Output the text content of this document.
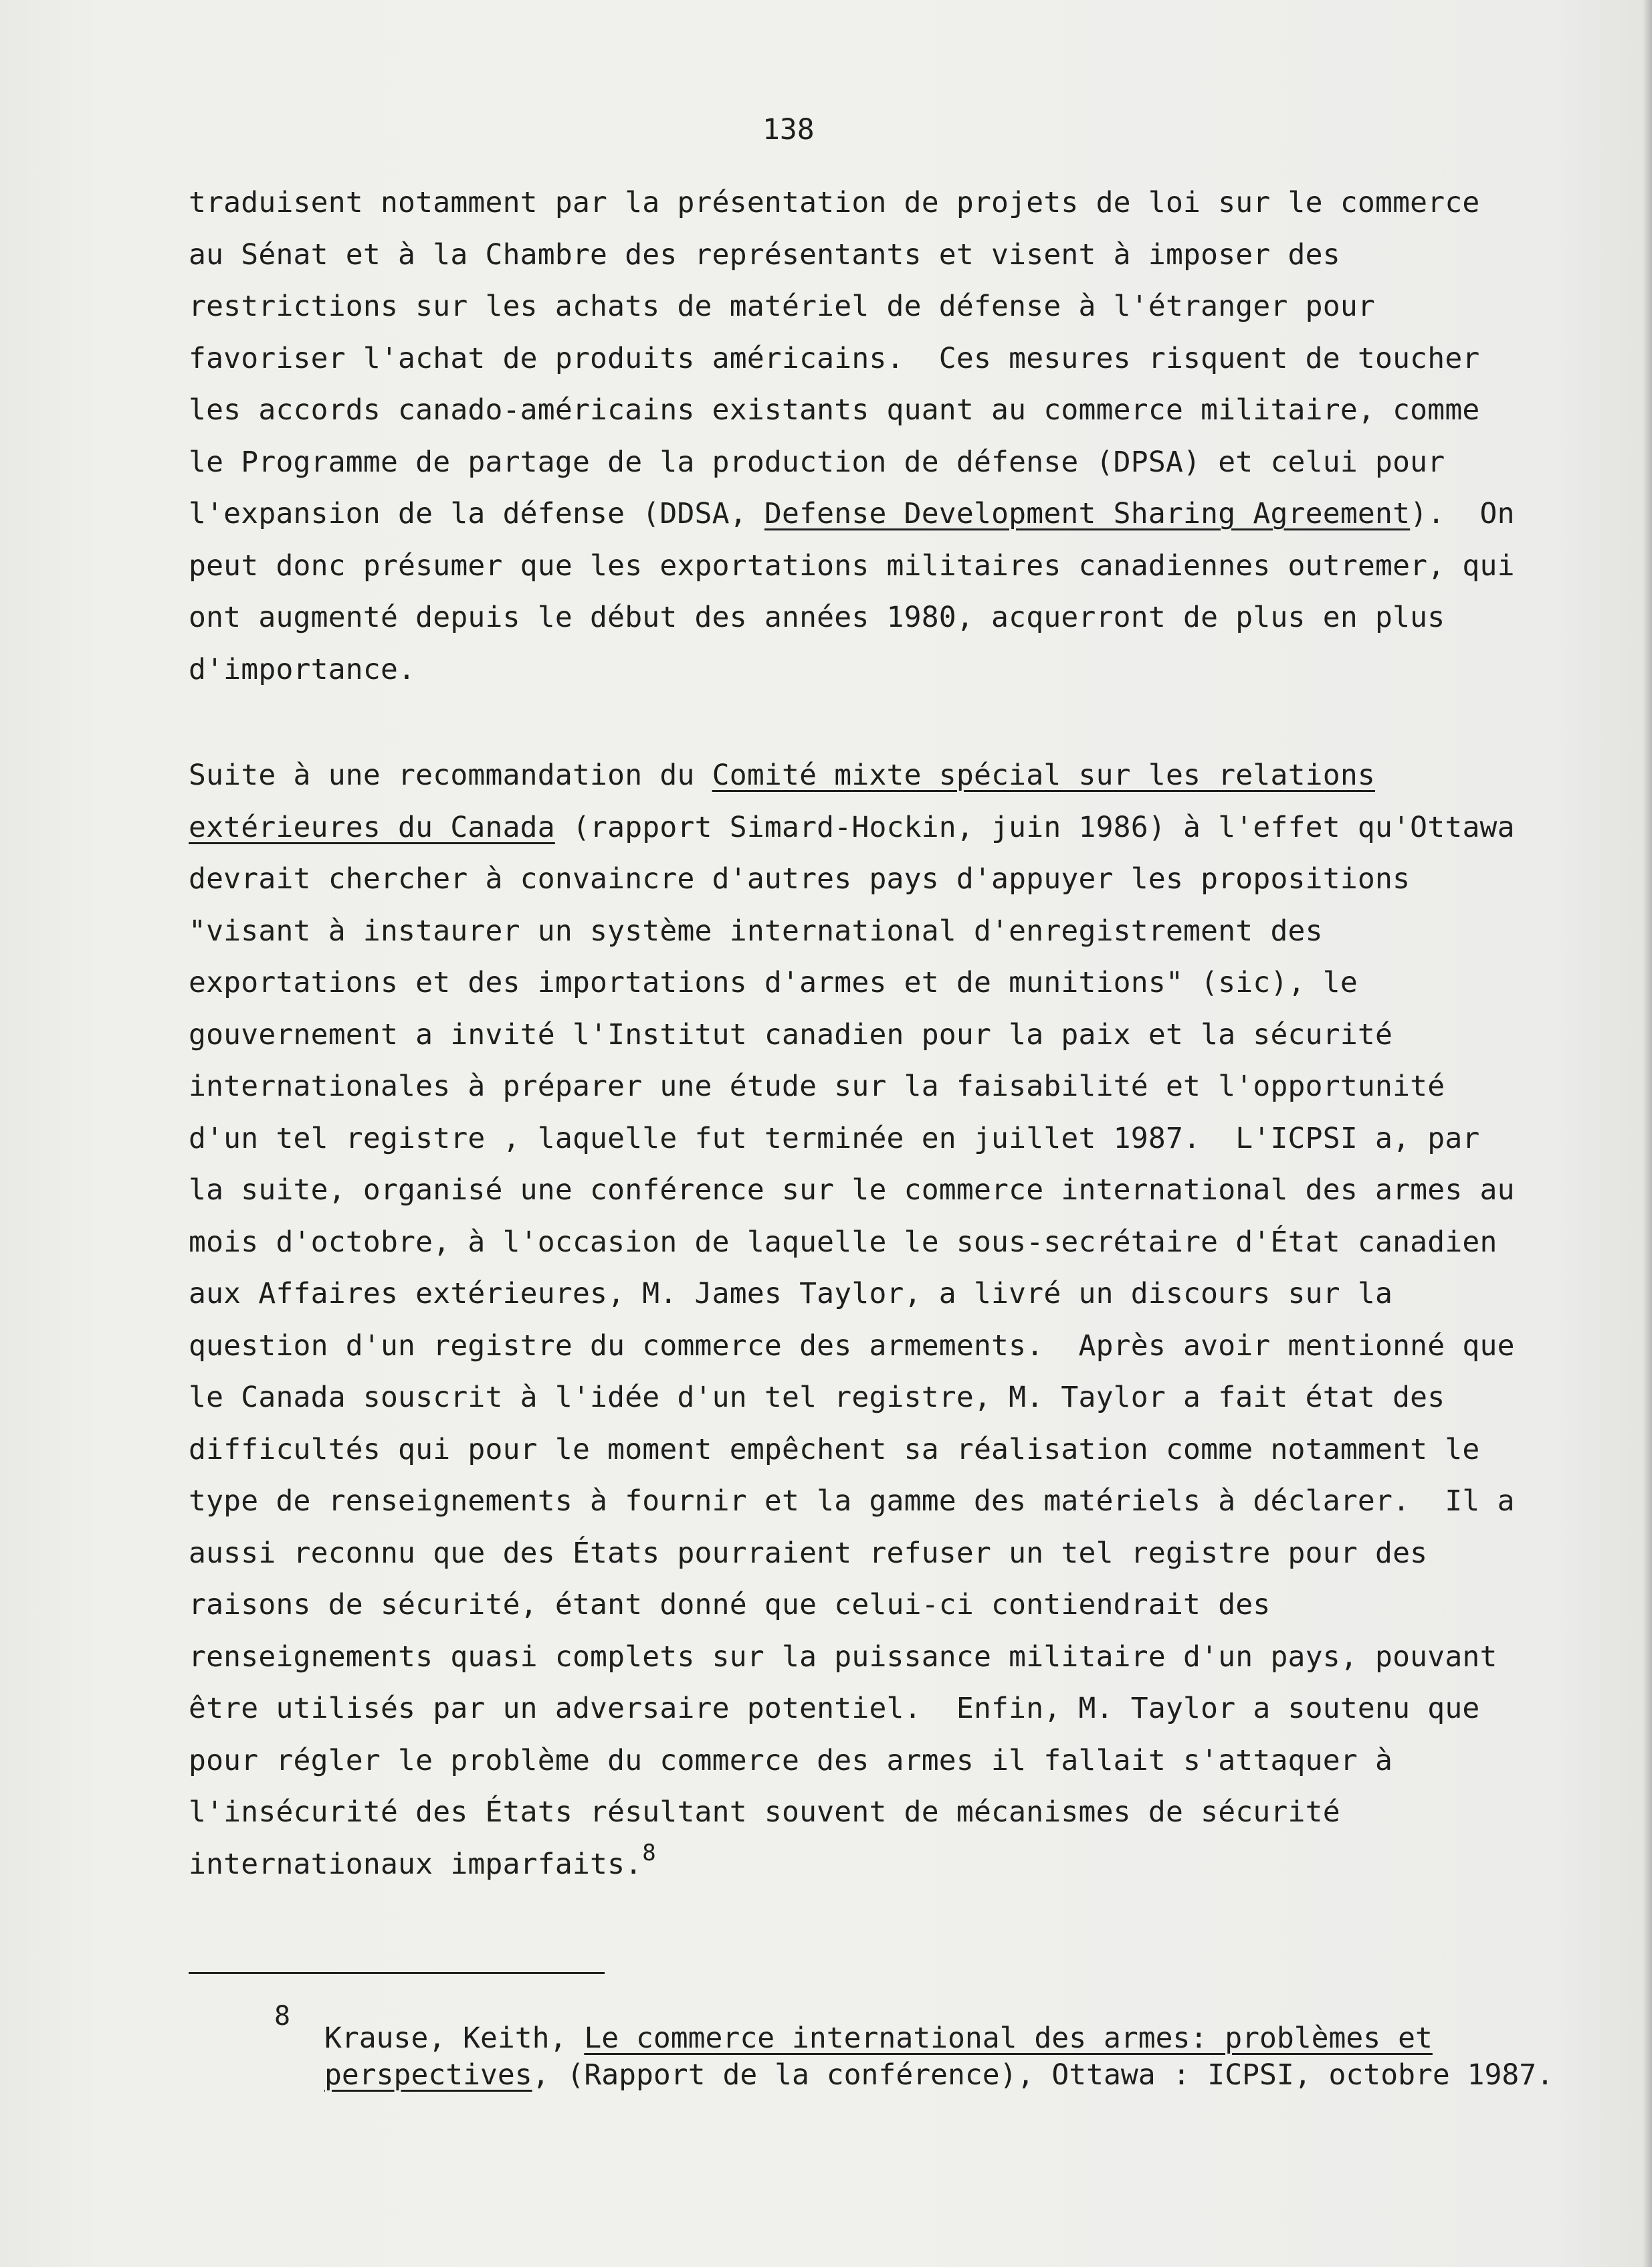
138
traduisent notamment par la présentation de projets de loi sur le commerce
au Sénat et à la Chambre des représentants et visent à imposer des
restrictions sur les achats de matériel de défense à l'étranger pour
favoriser l'achat de produits américains.  Ces mesures risquent de toucher
les accords canado-américains existants quant au commerce militaire, comme
le Programme de partage de la production de défense (DPSA) et celui pour
l'expansion de la défense (DDSA, Defense Development Sharing Agreement).  On
peut donc présumer que les exportations militaires canadiennes outremer, qui
ont augmenté depuis le début des années 1980, acquerront de plus en plus
d'importance.
Suite à une recommandation du Comité mixte spécial sur les relations
extérieures du Canada (rapport Simard-Hockin, juin 1986) à l'effet qu'Ottawa
devrait chercher à convaincre d'autres pays d'appuyer les propositions
"visant à instaurer un système international d'enregistrement des
exportations et des importations d'armes et de munitions" (sic), le
gouvernement a invité l'Institut canadien pour la paix et la sécurité
internationales à préparer une étude sur la faisabilité et l'opportunité
d'un tel registre , laquelle fut terminée en juillet 1987.  L'ICPSI a, par
la suite, organisé une conférence sur le commerce international des armes au
mois d'octobre, à l'occasion de laquelle le sous-secrétaire d'État canadien
aux Affaires extérieures, M. James Taylor, a livré un discours sur la
question d'un registre du commerce des armements.  Après avoir mentionné que
le Canada souscrit à l'idée d'un tel registre, M. Taylor a fait état des
difficultés qui pour le moment empêchent sa réalisation comme notamment le
type de renseignements à fournir et la gamme des matériels à déclarer.  Il a
aussi reconnu que des États pourraient refuser un tel registre pour des
raisons de sécurité, étant donné que celui-ci contiendrait des
renseignements quasi complets sur la puissance militaire d'un pays, pouvant
être utilisés par un adversaire potentiel.  Enfin, M. Taylor a soutenu que
pour régler le problème du commerce des armes il fallait s'attaquer à
l'insécurité des États résultant souvent de mécanismes de sécurité
internationaux imparfaits.$^8$
8
Krause, Keith, Le commerce international des armes: problèmes et
perspectives, (Rapport de la conférence), Ottawa : ICPSI, octobre 1987.
